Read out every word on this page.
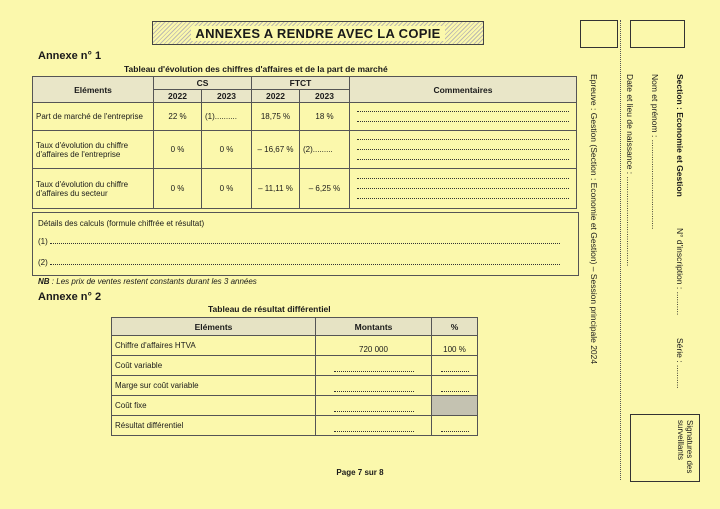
ANNEXES A RENDRE AVEC LA COPIE
Annexe n° 1
Tableau d'évolution des chiffres d'affaires et de la part de marché
Eléments	CS		FTCT		Commentaires
	2022	2023	2022	2023	
Part de marché de l'entreprise	22 %	(1)..........	18,75 %	18 %	

Taux d'évolution du chiffre d'affaires de l'entreprise	0 %	0 %	– 16,67 %	(2).........	

Taux d'évolution du chiffre d'affaires du secteur	0 %	0 %	– 11,11 %	– 6,25 %	
Détails des calculs (formule chiffrée et résultat)
(1)
(2)
NB : Les prix de ventes restent constants durant les 3 années
Annexe n° 2
Tableau de résultat différentiel
Eléments	Montants	%
Chiffre d'affaires HTVA	720 000	100 %
Coût variable		
Marge sur coût variable		
Coût fixe		
Résultat différentiel		
Page 7 sur 8
Epreuve : Gestion (Section : Economie et Gestion) – Session principale 2024	Date et lieu de naissance : ...................................... Nom et prénom : ...................................... Section : Economie et Gestion
N° d'inscription : ..........
Série : ..........
Signatures des surveillants
